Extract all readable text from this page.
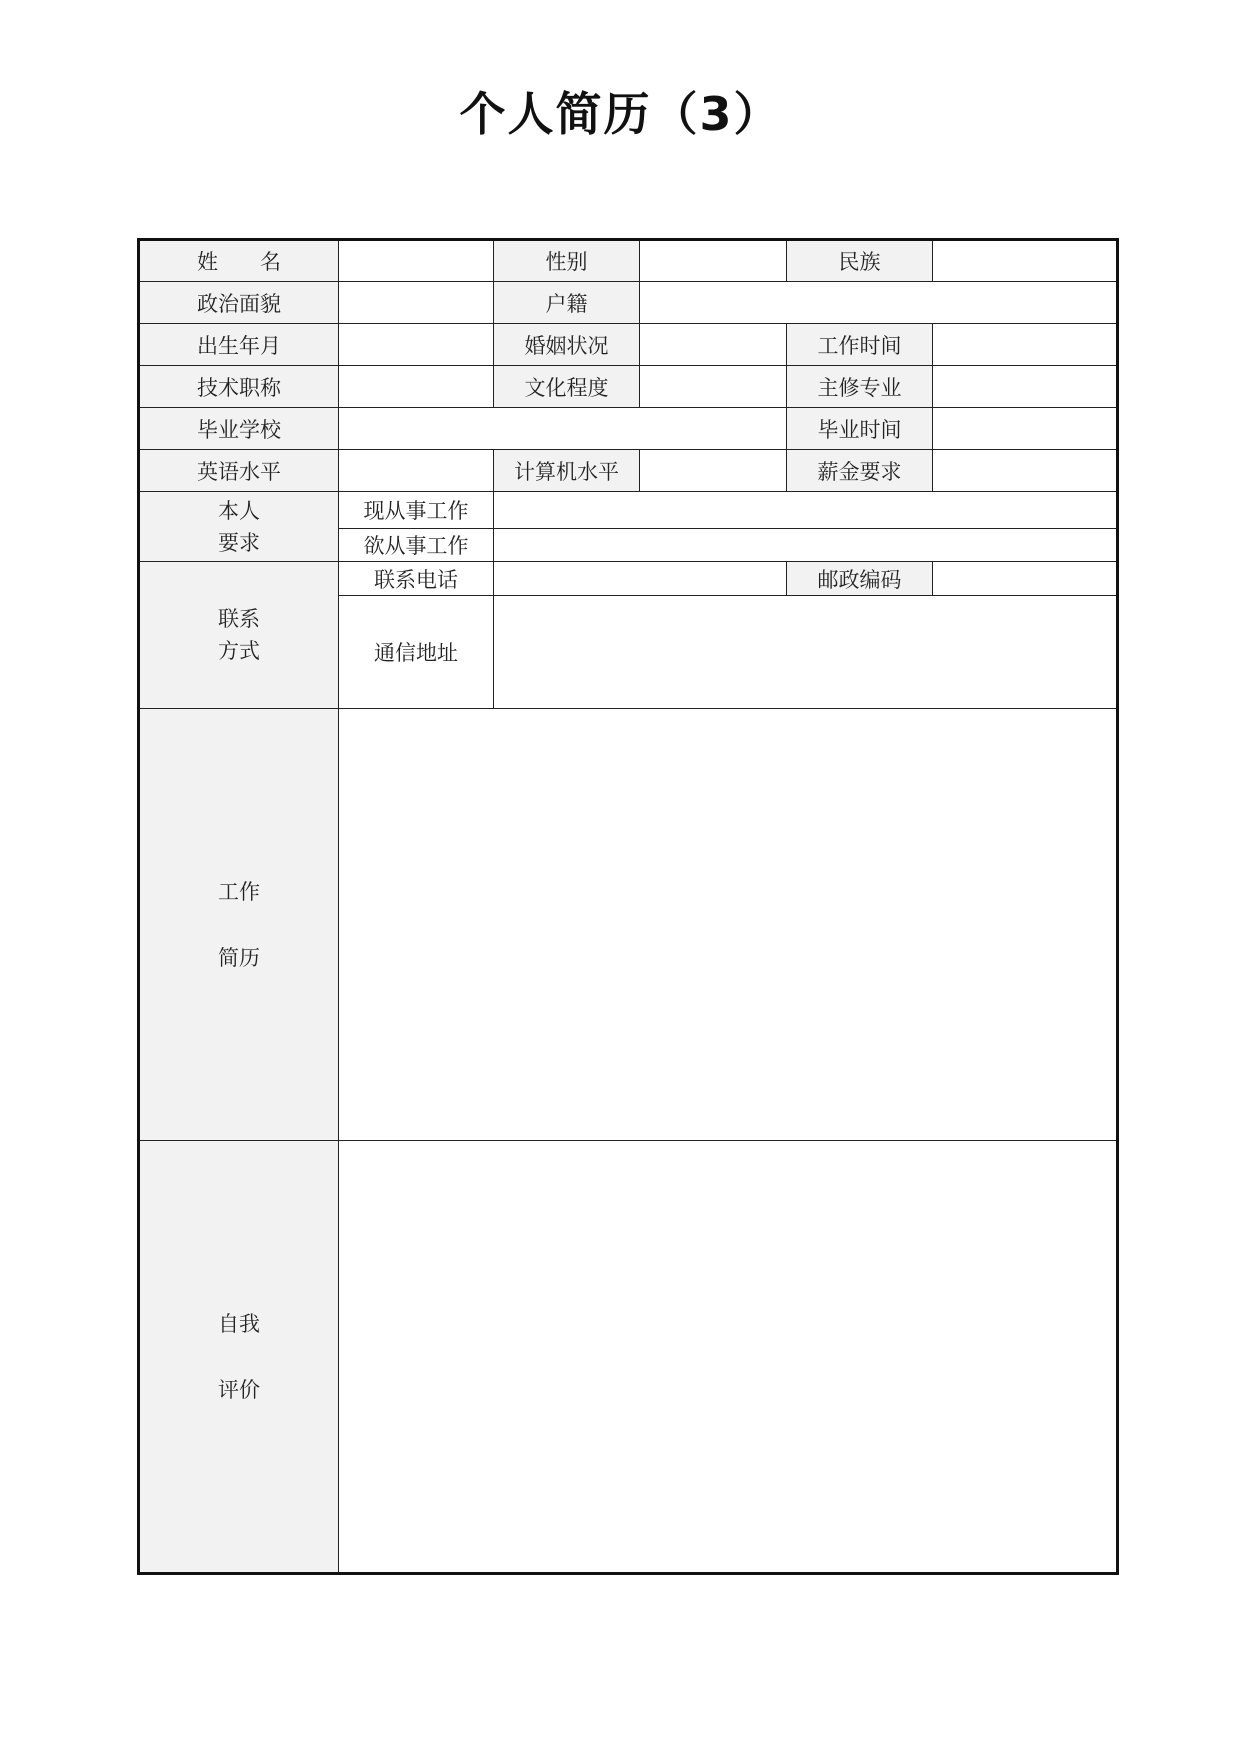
个人简历（3）
姓　　名		性别		民族	
政治面貌		户籍			
出生年月		婚姻状况		工作时间	
技术职称		文化程度		主修专业	
毕业学校				毕业时间	
英语水平		计算机水平		薪金要求	

本人
要求	现从事工作				
	欲从事工作				

联系
方式	联系电话			邮政编码	
	通信地址				

工作
简历					

自我
评价					
